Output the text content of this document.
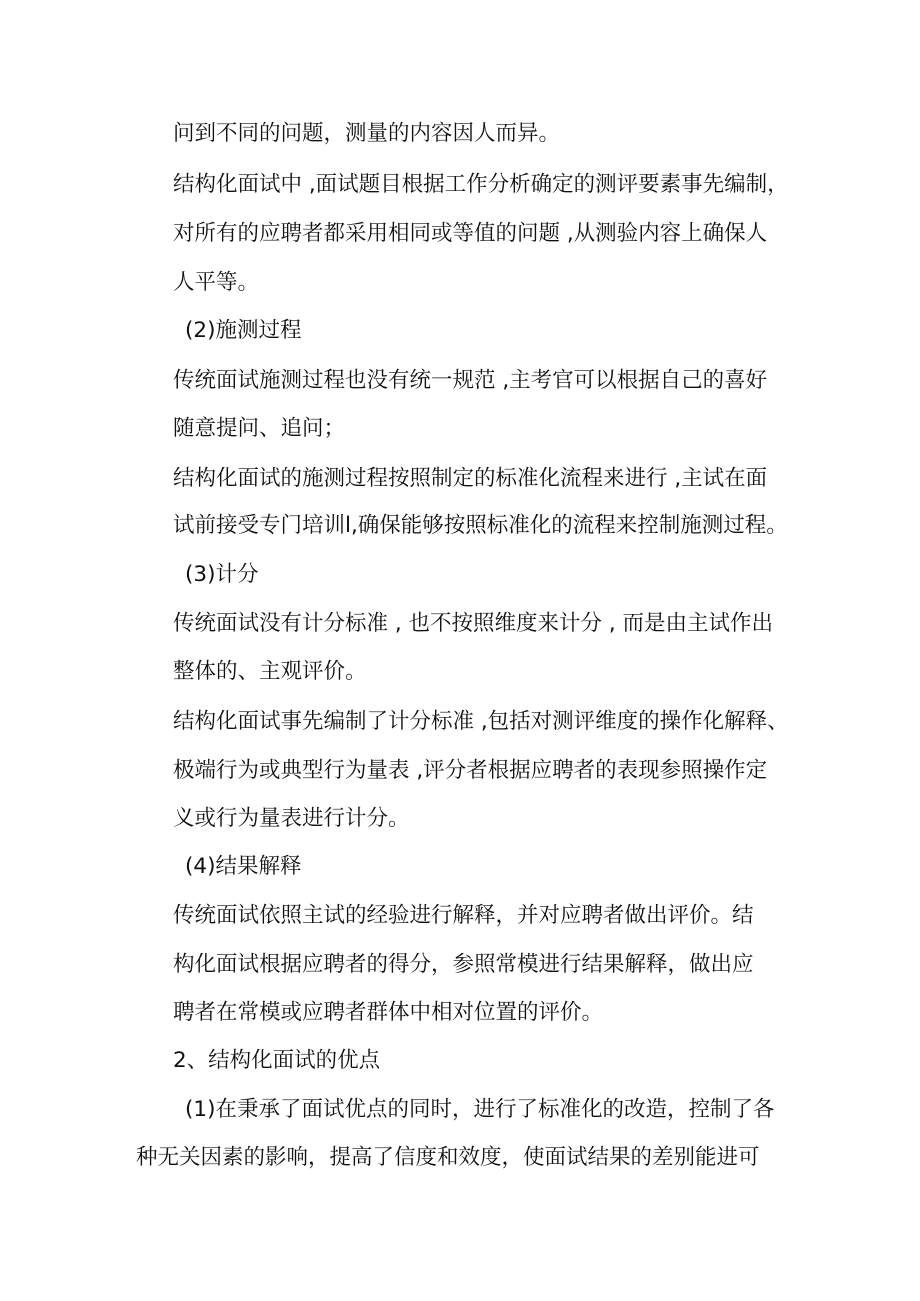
问到不同的问题，测量的内容因人而异。
结构化面试中 ,面试题目根据工作分析确定的测评要素事先编制，
对所有的应聘者都采用相同或等值的问题 ,从测验内容上确保人
人平等。
(2)施测过程
传统面试施测过程也没有统一规范 ,主考官可以根据自己的喜好
随意提问、追问；
结构化面试的施测过程按照制定的标准化流程来进行 ,主试在面
试前接受专门培训l,确保能够按照标准化的流程来控制施测过程。
(3)计分
传统面试没有计分标准 , 也不按照维度来计分 , 而是由主试作出
整体的、主观评价。
结构化面试事先编制了计分标准 ,包括对测评维度的操作化解释、
极端行为或典型行为量表 ,评分者根据应聘者的表现参照操作定
义或行为量表进行计分。
(4)结果解释
传统面试依照主试的经验进行解释，并对应聘者做出评价。结
构化面试根据应聘者的得分，参照常模进行结果解释，做出应
聘者在常模或应聘者群体中相对位置的评价。
2、结构化面试的优点
(1)在秉承了面试优点的同时，进行了标准化的改造，控制了各
种无关因素的影响，提高了信度和效度，使面试结果的差别能进可
